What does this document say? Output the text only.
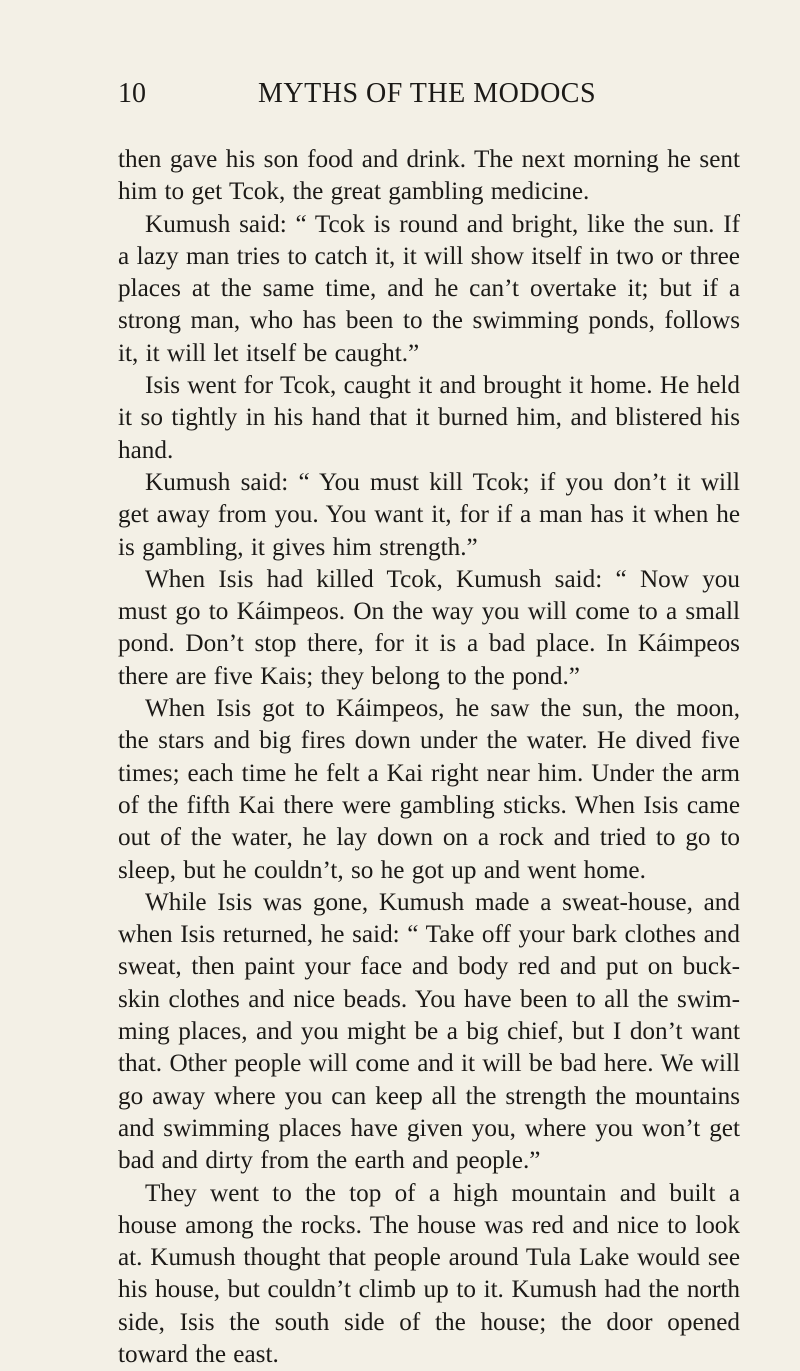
10	MYTHS OF THE MODOCS

then gave his son food and drink. The next morning he sent him to get Tcok, the great gambling medicine.

Kumush said: “ Tcok is round and bright, like the sun. If a lazy man tries to catch it, it will show itself in two or three places at the same time, and he can’t overtake it; but if a strong man, who has been to the swimming ponds, follows it, it will let itself be caught.”

Isis went for Tcok, caught it and brought it home. He held it so tightly in his hand that it burned him, and blistered his hand.

Kumush said: “ You must kill Tcok; if you don’t it will get away from you. You want it, for if a man has it when he is gambling, it gives him strength.”

When Isis had killed Tcok, Kumush said: “ Now you must go to Káimpeos. On the way you will come to a small pond. Don’t stop there, for it is a bad place. In Káimpeos there are five Kais; they belong to the pond.”

When Isis got to Káimpeos, he saw the sun, the moon, the stars and big fires down under the water. He dived five times; each time he felt a Kai right near him. Under the arm of the fifth Kai there were gambling sticks. When Isis came out of the water, he lay down on a rock and tried to go to sleep, but he couldn’t, so he got up and went home.

While Isis was gone, Kumush made a sweat-house, and when Isis returned, he said: “ Take off your bark clothes and sweat, then paint your face and body red and put on buck-skin clothes and nice beads. You have been to all the swim-ming places, and you might be a big chief, but I don’t want that. Other people will come and it will be bad here. We will go away where you can keep all the strength the mountains and swimming places have given you, where you won’t get bad and dirty from the earth and people.”

They went to the top of a high mountain and built a house among the rocks. The house was red and nice to look at. Kumush thought that people around Tula Lake would see his house, but couldn’t climb up to it. Kumush had the north side, Isis the south side of the house; the door opened toward the east.
